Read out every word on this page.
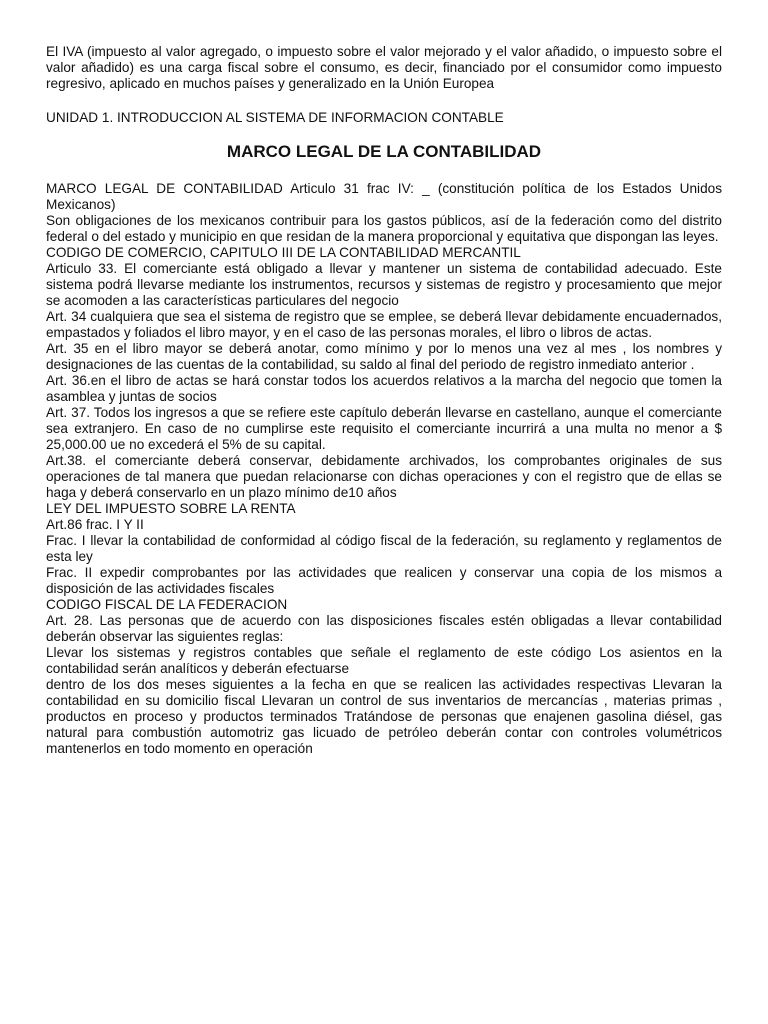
El IVA (impuesto al valor agregado, o impuesto sobre el valor mejorado y el valor añadido, o impuesto sobre el valor añadido) es una carga fiscal sobre el consumo, es decir, financiado por el consumidor como impuesto regresivo, aplicado en muchos países y generalizado en la Unión Europea

UNIDAD 1. INTRODUCCION AL SISTEMA DE INFORMACION CONTABLE

MARCO LEGAL DE LA CONTABILIDAD

MARCO LEGAL DE CONTABILIDAD Articulo 31 frac IV: _ (constitución política de los Estados Unidos Mexicanos)

Son obligaciones de los mexicanos contribuir para los gastos públicos, así de la federación como del distrito federal o del estado y municipio en que residan de la manera proporcional y equitativa que dispongan las leyes.

CODIGO DE COMERCIO, CAPITULO III DE LA CONTABILIDAD MERCANTIL

Articulo 33. El comerciante está obligado a llevar y mantener un sistema de contabilidad adecuado. Este sistema podrá llevarse mediante los instrumentos, recursos y sistemas de registro y procesamiento que mejor se acomoden a las características particulares del negocio

Art. 34 cualquiera que sea el sistema de registro que se emplee, se deberá llevar debidamente encuadernados, empastados y foliados el libro mayor, y en el caso de las personas morales, el libro o libros de actas.

Art. 35 en el libro mayor se deberá anotar, como mínimo y por lo menos una vez al mes , los nombres y designaciones de las cuentas de la contabilidad, su saldo al final del periodo de registro inmediato anterior .

Art. 36.en el libro de actas se hará constar todos los acuerdos relativos a la marcha del negocio que tomen la asamblea y juntas de socios

Art. 37. Todos los ingresos a que se refiere este capítulo deberán llevarse en castellano, aunque el comerciante sea extranjero. En caso de no cumplirse este requisito el comerciante incurrirá a una multa no menor a $ 25,000.00 ue no excederá el 5% de su capital.

Art.38. el comerciante deberá conservar, debidamente archivados, los comprobantes originales de sus operaciones de tal manera que puedan relacionarse con dichas operaciones y con el registro que de ellas se haga y deberá conservarlo en un plazo mínimo de10 años

LEY DEL IMPUESTO SOBRE LA RENTA

Art.86 frac. I Y II

Frac. I llevar la contabilidad de conformidad al código fiscal de la federación, su reglamento y reglamentos de esta ley

Frac. II expedir comprobantes por las actividades que realicen y conservar una copia de los mismos a disposición de las actividades fiscales

CODIGO FISCAL DE LA FEDERACION

Art. 28. Las personas que de acuerdo con las disposiciones fiscales estén obligadas a llevar contabilidad deberán observar las siguientes reglas:

Llevar los sistemas y registros contables que señale el reglamento de este código Los asientos en la contabilidad serán analíticos y deberán efectuarse

dentro de los dos meses siguientes a la fecha en que se realicen las actividades respectivas Llevaran la contabilidad en su domicilio fiscal Llevaran un control de sus inventarios de mercancías , materias primas , productos en proceso y productos terminados Tratándose de personas que enajenen gasolina diésel, gas natural para combustión automotriz gas licuado de petróleo deberán contar con controles volumétricos mantenerlos en todo momento en operación
